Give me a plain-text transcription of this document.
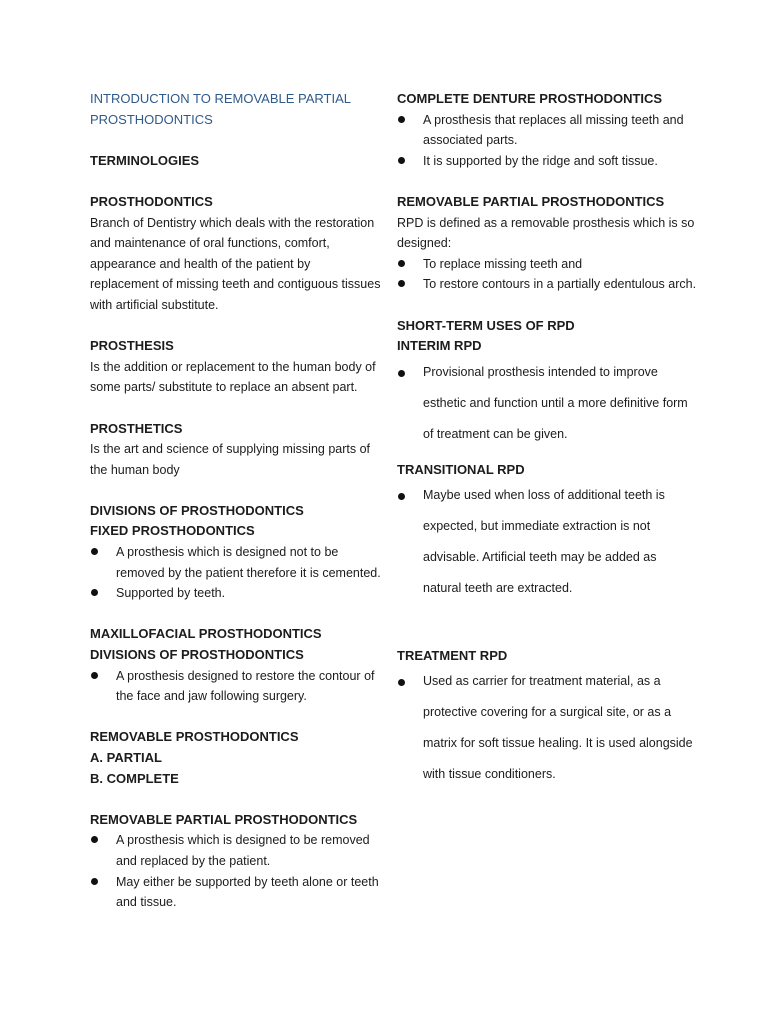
INTRODUCTION TO REMOVABLE PARTIAL PROSTHODONTICS
TERMINOLOGIES
PROSTHODONTICS
Branch of Dentistry which deals with the restoration and maintenance of oral functions, comfort, appearance and health of the patient by replacement of missing teeth and contiguous tissues with artificial substitute.
PROSTHESIS
Is the addition or replacement to the human body of some parts/ substitute to replace an absent part.
PROSTHETICS
Is the art and science of supplying missing parts of the human body
DIVISIONS OF PROSTHODONTICS
FIXED PROSTHODONTICS
A prosthesis which is designed not to be removed by the patient therefore it is cemented.
Supported by teeth.
MAXILLOFACIAL PROSTHODONTICS
DIVISIONS OF PROSTHODONTICS
A prosthesis designed to restore the contour of the face and jaw following surgery.
REMOVABLE PROSTHODONTICS
A. PARTIAL
B. COMPLETE
REMOVABLE PARTIAL PROSTHODONTICS
A prosthesis which is designed to be removed and replaced by the patient.
May either be supported by teeth alone or teeth and tissue.
COMPLETE DENTURE PROSTHODONTICS
A prosthesis that replaces all missing teeth and associated parts.
It is supported by the ridge and soft tissue.
REMOVABLE PARTIAL PROSTHODONTICS
RPD is defined as a removable prosthesis which is so designed:
To replace missing teeth and
To restore contours in a partially edentulous arch.
SHORT-TERM USES OF RPD
INTERIM RPD
Provisional prosthesis intended to improve esthetic and function until a more definitive form of treatment can be given.
TRANSITIONAL RPD
Maybe used when loss of additional teeth is expected, but immediate extraction is not advisable. Artificial teeth may be added as natural teeth are extracted.
TREATMENT RPD
Used as carrier for treatment material, as a protective covering for a surgical site, or as a matrix for soft tissue healing. It is used alongside with tissue conditioners.
